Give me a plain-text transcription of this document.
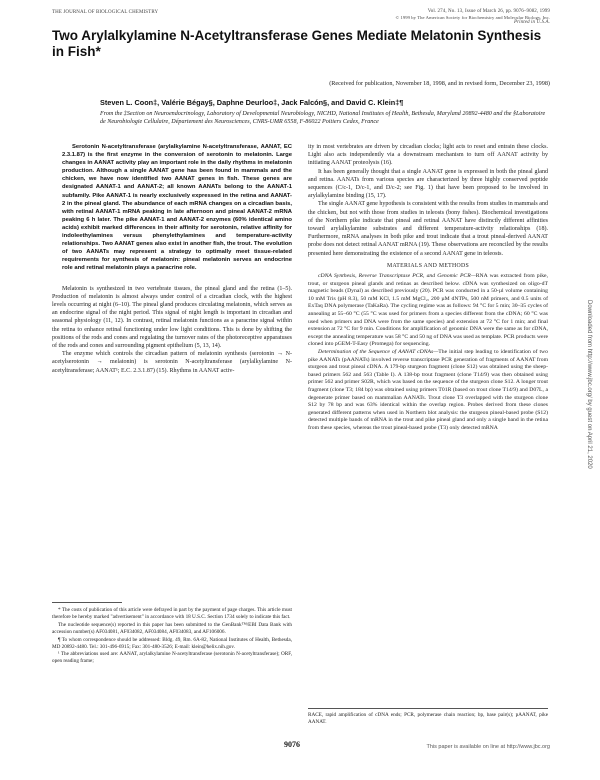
THE JOURNAL OF BIOLOGICAL CHEMISTRY	Vol. 274, No. 13, Issue of March 26, pp. 9076–9082, 1999
© 1999 by The American Society for Biochemistry and Molecular Biology, Inc.
Printed in U.S.A.
Two Arylalkylamine N-Acetyltransferase Genes Mediate Melatonin Synthesis in Fish*
(Received for publication, November 18, 1998, and in revised form, December 23, 1998)
Steven L. Coon‡, Valérie Bégay§, Daphne Deurloo‡, Jack Falcón§, and David C. Klein‡¶
From the ‡Section on Neuroendocrinology, Laboratory of Developmental Neurobiology, NICHD, National Institutes of Health, Bethesda, Maryland 20892-4480 and the §Laboratoire de Neurobiologie Cellulaire, Département des Neurosciences, CNRS-UMR 6558, F-86022 Poitiers Cedex, France

Serotonin N-acetyltransferase (arylalkylamine N-acetyltransferase, AANAT, EC 2.3.1.87) is the first enzyme in the conversion of serotonin to melatonin. Large changes in AANAT activity play an important role in the daily rhythms in melatonin production. Although a single AANAT gene has been found in mammals and the chicken, we have now identified two AANAT genes in fish. These genes are designated AANAT-1 and AANAT-2; all known AANATs belong to the AANAT-1 subfamily. Pike AANAT-1 is nearly exclusively expressed in the retina and AANAT-2 in the pineal gland. The abundance of each mRNA changes on a circadian basis, with retinal AANAT-1 mRNA peaking in late afternoon and pineal AANAT-2 mRNA peaking 6 h later. The pike AANAT-1 and AANAT-2 enzymes (60% identical amino acids) exhibit marked differences in their affinity for serotonin, relative affinity for indoleethylamines versus phenylethylamines and temperature-activity relationships. Two AANAT genes also exist in another fish, the trout. The evolution of two AANATs may represent a strategy to optimally meet tissue-related requirements for synthesis of melatonin: pineal melatonin serves an endocrine role and retinal melatonin plays a paracrine role.

Melatonin is synthesized in two vertebrate tissues, the pineal gland and the retina (1–5). Production of melatonin is almost always under control of a circadian clock, with the highest levels occurring at night (6–10). The pineal gland produces circulating melatonin, which serves as an endocrine signal of the night period. This signal of night length is important in circadian and seasonal physiology (11, 12). In contrast, retinal melatonin functions as a paracrine signal within the retina to enhance retinal functioning under low light conditions. This is done by shifting the positions of the rods and cones and regulating the turnover rates of the photoreceptive apparatuses of the rods and cones and surrounding pigment epithelium (5, 13, 14).

The enzyme which controls the circadian pattern of melatonin synthesis (serotonin → N-acetylserotonin → melatonin) is serotonin N-acetyltransferase (arylalkylamine N-acetyltransferase; AANAT¹; E.C. 2.3.1.87) (15). Rhythms in AANAT activ-

* The costs of publication of this article were defrayed in part by the payment of page charges. This article must therefore be hereby marked "advertisement" in accordance with 18 U.S.C. Section 1734 solely to indicate this fact.

The nucleotide sequence(s) reported in this paper has been submitted to the GenBank™/EBI Data Bank with accession number(s) AF034081, AF034082, AF034084, AF034083, and AF106006.

¶ To whom correspondence should be addressed: Bldg. 49, Rm. 6A-82, National Institutes of Health, Bethesda, MD 20892-4480. Tel.: 301-496-6915; Fax: 301-480-3526; E-mail: klein@helix.nih.gov.

¹ The abbreviations used are: AANAT, arylalkylamine N-acetyltransferase (serotonin N-acetyltransferase); ORF, open reading frame;

ity in most vertebrates are driven by circadian clocks; light acts to reset and entrain these clocks. Light also acts independently via a downstream mechanism to turn off AANAT activity by initiating AANAT proteolysis (16).

It has been generally thought that a single AANAT gene is expressed in both the pineal gland and retina. AANATs from various species are characterized by three highly conserved peptide sequences (C/c-1, D/c-1, and D/c-2; see Fig. 1) that have been proposed to be involved in arylalkylamine binding (15, 17).

The single AANAT gene hypothesis is consistent with the results from studies in mammals and the chicken, but not with those from studies in teleosts (bony fishes). Biochemical investigations of the Northern pike indicate that pineal and retinal AANAT have distinctly different affinities toward arylalkylamine substrates and different temperature-activity relationships (18). Furthermore, mRNA analyses in both pike and trout indicate that a trout pineal-derived AANAT probe does not detect retinal AANAT mRNA (19). These observations are reconciled by the results presented here demonstrating the existence of a second AANAT gene in teleosts.

MATERIALS AND METHODS

cDNA Synthesis, Reverse Transcriptase PCR, and Genomic PCR—RNA was extracted from pike, trout, or sturgeon pineal glands and retinas as described below. cDNA was synthesized on oligo-dT magnetic beads (Dynal) as described previously (20). PCR was conducted in a 50-µl volume containing 10 mM Tris (pH 8.3), 50 mM KCl, 1.5 mM MgCl₂, 200 µM dNTPs, 500 nM primers, and 0.5 units of ExTaq DNA polymerase (TaKaRa). The cycling regime was as follows: 94 °C for 5 min; 30–35 cycles of annealing at 55–60 °C (55 °C was used for primers from a species different from the cDNA; 60 °C was used when primers and DNA were from the same species) and extension at 72 °C for 1 min; and final extension at 72 °C for 9 min. Conditions for amplification of genomic DNA were the same as for cDNA, except the annealing temperature was 58 °C and 50 ng of DNA was used as template. PCR products were cloned into pGEM-T-Easy (Promega) for sequencing.

Determination of the Sequence of AANAT cDNAs—The initial step leading to identification of two pike AANATs (pAANATs) involved reverse transcriptase PCR generation of fragments of AANAT from sturgeon and trout pineal cDNA. A 179-bp sturgeon fragment (clone S12) was obtained using the sheep-based primers 562 and 563 (Table I). A 138-bp trout fragment (clone T14/9) was then obtained using primer 562 and primer S02R, which was based on the sequence of the sturgeon clone S12. A longer trout fragment (clone T3; 184 bp) was obtained using primers T01R (based on trout clone T14/9) and D07L, a degenerate primer based on mammalian AANATs. Trout clone T3 overlapped with the sturgeon clone S12 by 78 bp and was 63% identical within the overlap region. Probes derived from these clones generated different patterns when used in Northern blot analysis: the sturgeon pineal-based probe (S12) detected multiple bands of mRNA in the trout and pike pineal gland and only a single band in the retina from these species, whereas the trout pineal-based probe (T3) only detected mRNA

RACE, rapid amplification of cDNA ends; PCR, polymerase chain reaction; bp, base pair(s); pAANAT, pike AANAT.
9076	This paper is available on line at http://www.jbc.org
Downloaded from http://www.jbc.org/ by guest on April 21, 2020
